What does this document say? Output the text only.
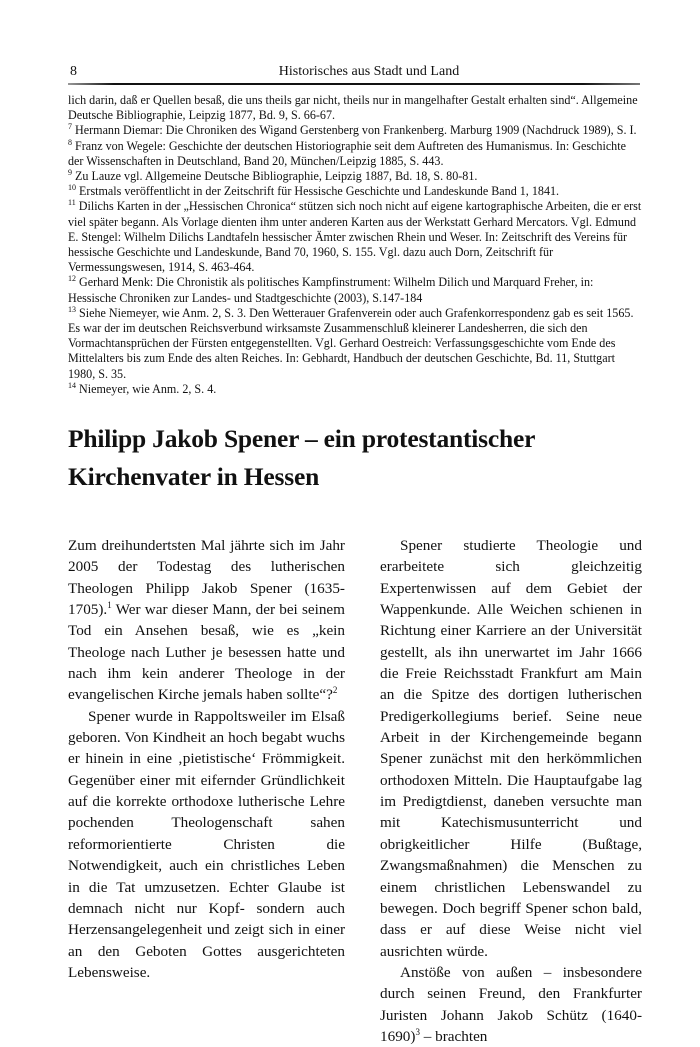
8	Historisches aus Stadt und Land

lich darin, daß er Quellen besaß, die uns theils gar nicht, theils nur in mangelhafter Gestalt erhalten sind“. Allgemeine Deutsche Bibliographie, Leipzig 1877, Bd. 9, S. 66-67.

$^7$ Hermann Diemar: Die Chroniken des Wigand Gerstenberg von Frankenberg. Marburg 1909 (Nachdruck 1989), S. I.

$^8$ Franz von Wegele: Geschichte der deutschen Historiographie seit dem Auftreten des Humanismus. In: Geschichte der Wissenschaften in Deutschland, Band 20, München/Leipzig 1885, S. 443.

$^9$ Zu Lauze vgl. Allgemeine Deutsche Bibliographie, Leipzig 1887, Bd. 18, S. 80-81.

$^{10}$ Erstmals veröffentlicht in der Zeitschrift für Hessische Geschichte und Landeskunde Band 1, 1841.

$^{11}$ Dilichs Karten in der „Hessischen Chronica“ stützen sich noch nicht auf eigene kartographische Arbeiten, die er erst viel später begann. Als Vorlage dienten ihm unter anderen Karten aus der Werkstatt Gerhard Mercators. Vgl. Edmund E. Stengel: Wilhelm Dilichs Landtafeln hessischer Ämter zwischen Rhein und Weser. In: Zeitschrift des Vereins für hessische Geschichte und Landeskunde, Band 70, 1960, S. 155. Vgl. dazu auch Dorn, Zeitschrift für Vermessungswesen, 1914, S. 463-464.

$^{12}$ Gerhard Menk: Die Chronistik als politisches Kampfinstrument: Wilhelm Dilich und Marquard Freher, in: Hessische Chroniken zur Landes- und Stadtgeschichte (2003), S.147-184

$^{13}$ Siehe Niemeyer, wie Anm. 2, S. 3. Den Wetterauer Grafenverein oder auch Grafenkorrespondenz gab es seit 1565. Es war der im deutschen Reichsverbund wirksamste Zusammenschluß kleinerer Landesherren, die sich den Vormachtansprüchen der Fürsten entgegenstellten. Vgl. Gerhard Oestreich: Verfassungsgeschichte vom Ende des Mittelalters bis zum Ende des alten Reiches. In: Gebhardt, Handbuch der deutschen Geschichte, Bd. 11, Stuttgart 1980, S. 35.

$^{14}$ Niemeyer, wie Anm. 2, S. 4.

Philipp Jakob Spener – ein protestantischer Kirchenvater in Hessen

Zum dreihundertsten Mal jährte sich im Jahr 2005 der Todestag des lutherischen Theologen Philipp Jakob Spener (1635-1705).$^1$ Wer war dieser Mann, der bei seinem Tod ein Ansehen besaß, wie es „kein Theologe nach Luther je besessen hatte und nach ihm kein anderer Theologe in der evangelischen Kirche jemals haben sollte“?$^2$

Spener wurde in Rappoltsweiler im Elsaß geboren. Von Kindheit an hoch begabt wuchs er hinein in eine ‚pietistische‘ Frömmigkeit. Gegenüber einer mit eifernder Gründlichkeit auf die korrekte orthodoxe lutherische Lehre pochenden Theologenschaft sahen reformorientierte Christen die Notwendigkeit, auch ein christliches Leben in die Tat umzusetzen. Echter Glaube ist demnach nicht nur Kopf- sondern auch Herzensangelegenheit und zeigt sich in einer an den Geboten Gottes ausgerichteten Lebensweise.

Spener studierte Theologie und erarbeitete sich gleichzeitig Expertenwissen auf dem Gebiet der Wappenkunde. Alle Weichen schienen in Richtung einer Karriere an der Universität gestellt, als ihn unerwartet im Jahr 1666 die Freie Reichsstadt Frankfurt am Main an die Spitze des dortigen lutherischen Predigerkollegiums berief. Seine neue Arbeit in der Kirchengemeinde begann Spener zunächst mit den herkömmlichen orthodoxen Mitteln. Die Hauptaufgabe lag im Predigtdienst, daneben versuchte man mit Katechismusunterricht und obrigkeitlicher Hilfe (Bußtage, Zwangsmaßnahmen) die Menschen zu einem christlichen Lebenswandel zu bewegen. Doch begriff Spener schon bald, dass er auf diese Weise nicht viel ausrichten würde.

Anstöße von außen – insbesondere durch seinen Freund, den Frankfurter Juristen Johann Jakob Schütz (1640-1690)$^3$ – brachten
